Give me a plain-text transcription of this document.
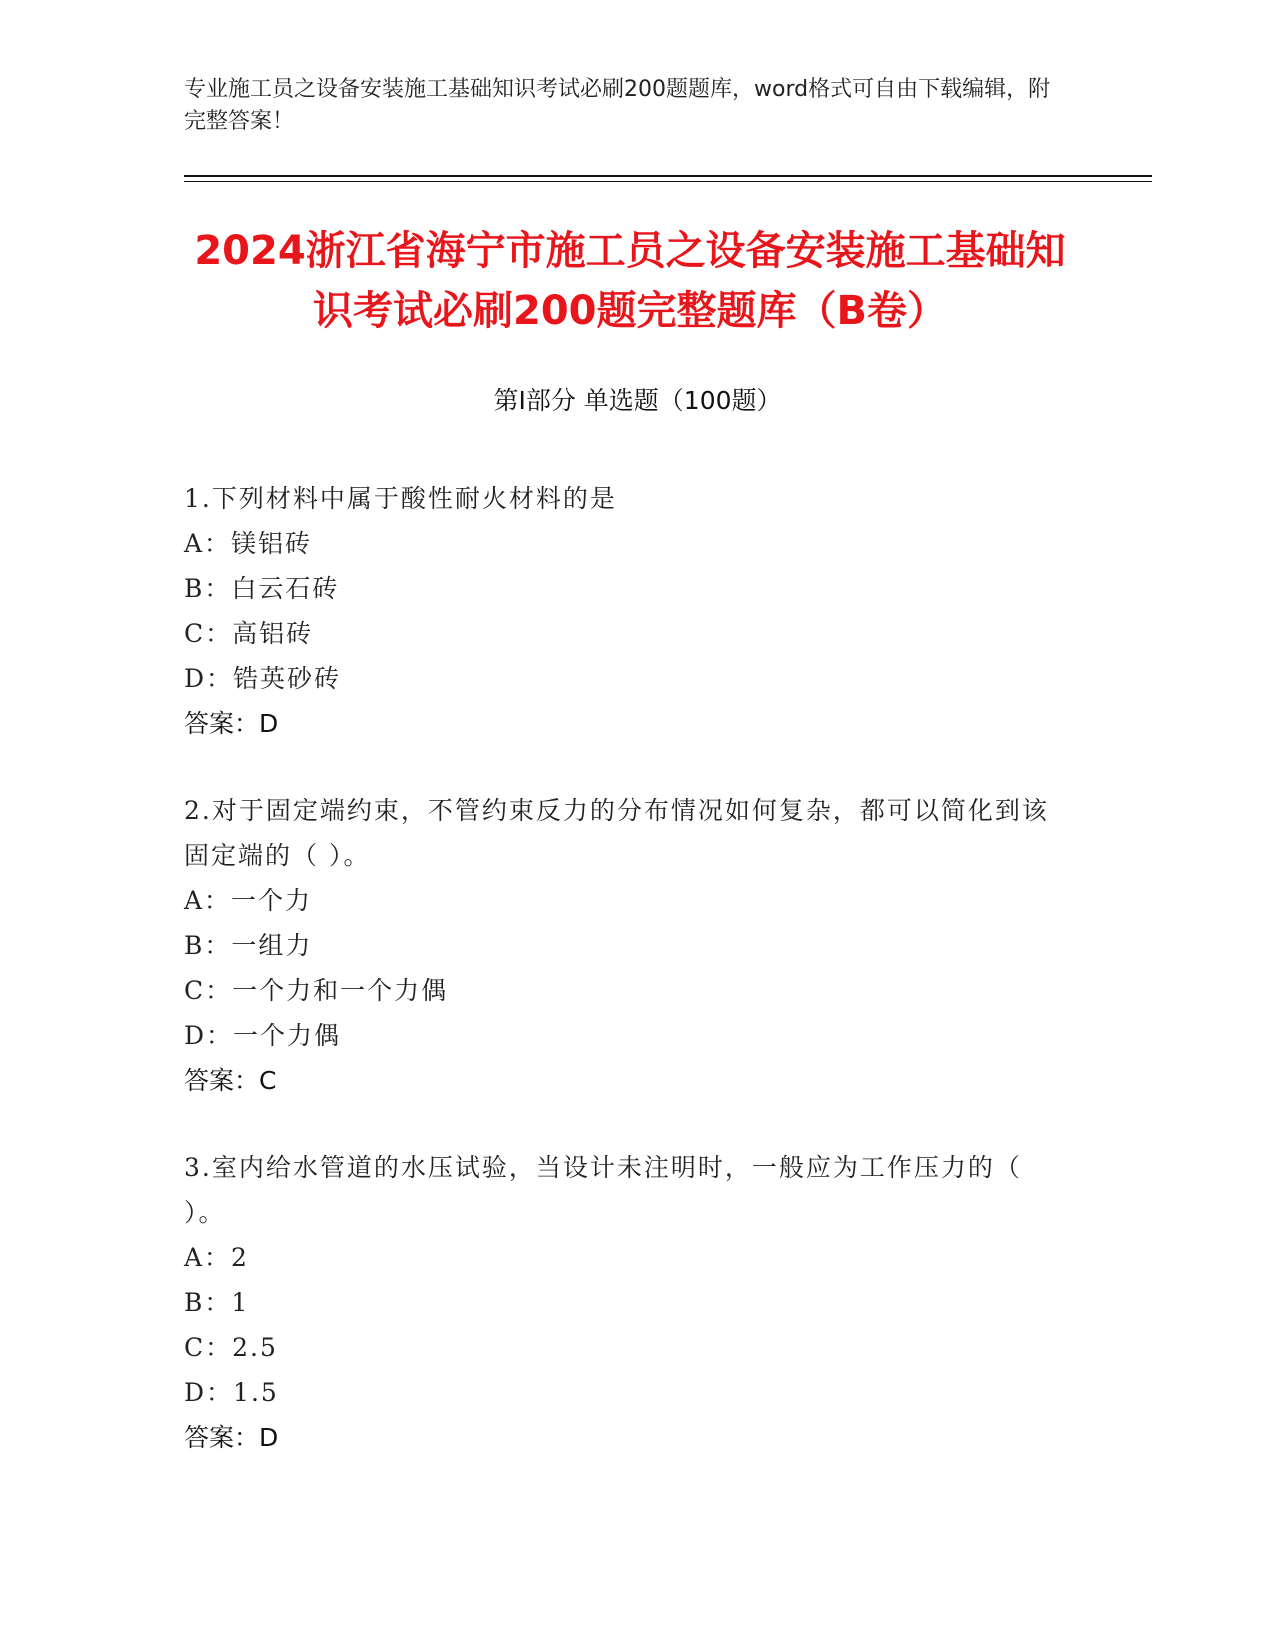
专业施工员之设备安装施工基础知识考试必刷200题题库，word格式可自由下载编辑，附完整答案！
2024浙江省海宁市施工员之设备安装施工基础知识考试必刷200题完整题库（B卷）
第Ⅰ部分 单选题（100题）
1.下列材料中属于酸性耐火材料的是
A：镁铝砖
B：白云石砖
C：高铝砖
D：锆英砂砖
答案：D
2.对于固定端约束，不管约束反力的分布情况如何复杂，都可以简化到该固定端的（ ）。
A：一个力
B：一组力
C：一个力和一个力偶
D：一个力偶
答案：C
3.室内给水管道的水压试验，当设计未注明时，一般应为工作压力的（ ）。
A：2
B：1
C：2.5
D：1.5
答案：D
